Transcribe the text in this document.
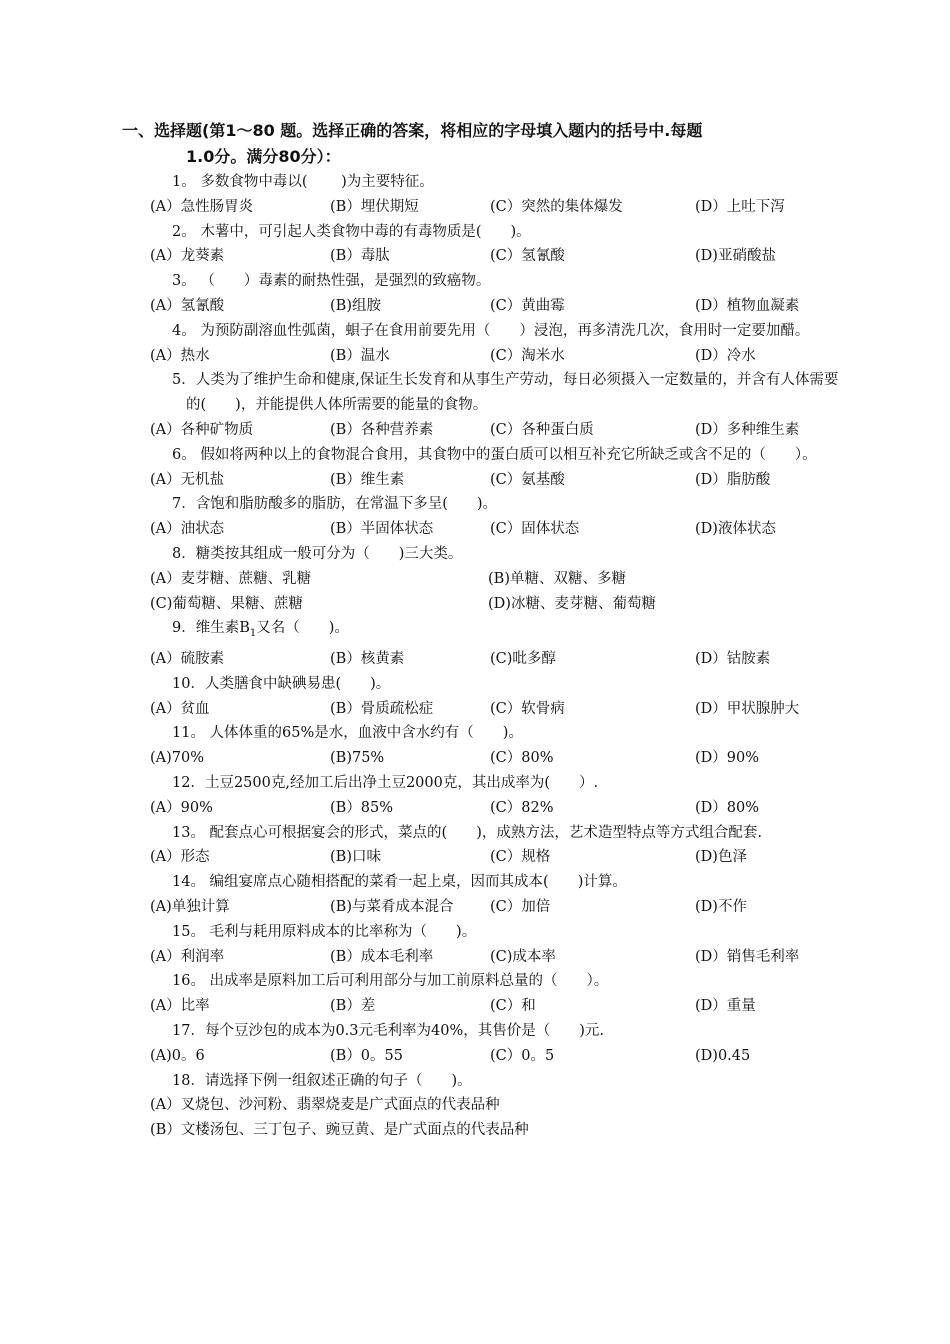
一、选择题(第1～80 题。选择正确的答案，将相应的字母填入题内的括号中.每题
1.0分。满分80分）：
1。 多数食物中毒以(　　 )为主要特征。
(A）急性肠胃炎	(B）埋伏期短	(C）突然的集体爆发	(D）上吐下泻
2。 木薯中，可引起人类食物中毒的有毒物质是(　　)。
(A）龙葵素	(B）毒肽	(C）氢氰酸	(D)亚硝酸盐
3。 （　　）毒素的耐热性强，是强烈的致癌物。
(A）氢氰酸	(B)组胺	(C）黄曲霉	(D）植物血凝素
4。 为预防副溶血性弧菌，蛽子在食用前要先用（　　）浸泡，再多清洗几次，食用时一定要加醋。
(A）热水	(B）温水	(C）淘米水	(D）冷水
5．人类为了维护生命和健康,保证生长发育和从事生产劳动，每日必须摄入一定数量的，并含有人体需要的(　　)，并能提供人体所需要的能量的食物。
(A）各种矿物质	(B）各种营养素	(C）各种蛋白质	(D）多种维生素
6。 假如将两种以上的食物混合食用，其食物中的蛋白质可以相互补充它所缺乏或含不足的（　　）。
(A）无机盐	(B）维生素	(C）氨基酸	(D）脂肪酸
7．含饱和脂肪酸多的脂肪，在常温下多呈(　　)。
(A）油状态	(B）半固体状态	(C）固体状态	(D)液体状态
8．糖类按其组成一般可分为（　　)三大类。
(A）麦芽糖、蔗糖、乳糖	(B)单糖、双糖、多糖
(C)葡萄糖、果糖、蔗糖	(D)冰糖、麦芽糖、葡萄糖
9．维生素$B_1$又名（　　)。
(A）硫胺素	(B）核黄素	(C)吡多醇	(D）钴胺素
10．人类膳食中缺碘易患(　　)。
(A）贫血	(B）骨质疏松症	(C）软骨病	(D）甲状腺肿大
11。 人体体重的65%是水，血液中含水约有（　　)。
(A)70%	(B)75%	(C）80%	(D）90%
12．土豆2500克,经加工后出净土豆2000克，其出成率为(　　）.
(A）90%	(B）85%	(C）82%	(D）80%
13。 配套点心可根据宴会的形式，菜点的(　　)，成熟方法，艺术造型特点等方式组合配套.
(A）形态	(B)口味	(C）规格	(D)色泽
14。 编组宴席点心随相搭配的菜肴一起上桌，因而其成本(　　)计算。
(A)单独计算	(B)与菜肴成本混合	(C）加倍	(D)不作
15。 毛利与耗用原料成本的比率称为（　　)。
(A）利润率	(B）成本毛利率	(C)成本率	(D）销售毛利率
16。 出成率是原料加工后可利用部分与加工前原料总量的（　　）。
(A）比率	(B）差	(C）和	(D）重量
17．每个豆沙包的成本为0.3元毛利率为40%，其售价是（　　)元.
(A)0。6	(B）0。55	(C）0。5	(D)0.45
18．请选择下例一组叙述正确的句子（　　)。
(A）叉烧包、沙河粉、翡翠烧麦是广式面点的代表品种
(B）文楼汤包、三丁包子、豌豆黄、是广式面点的代表品种
